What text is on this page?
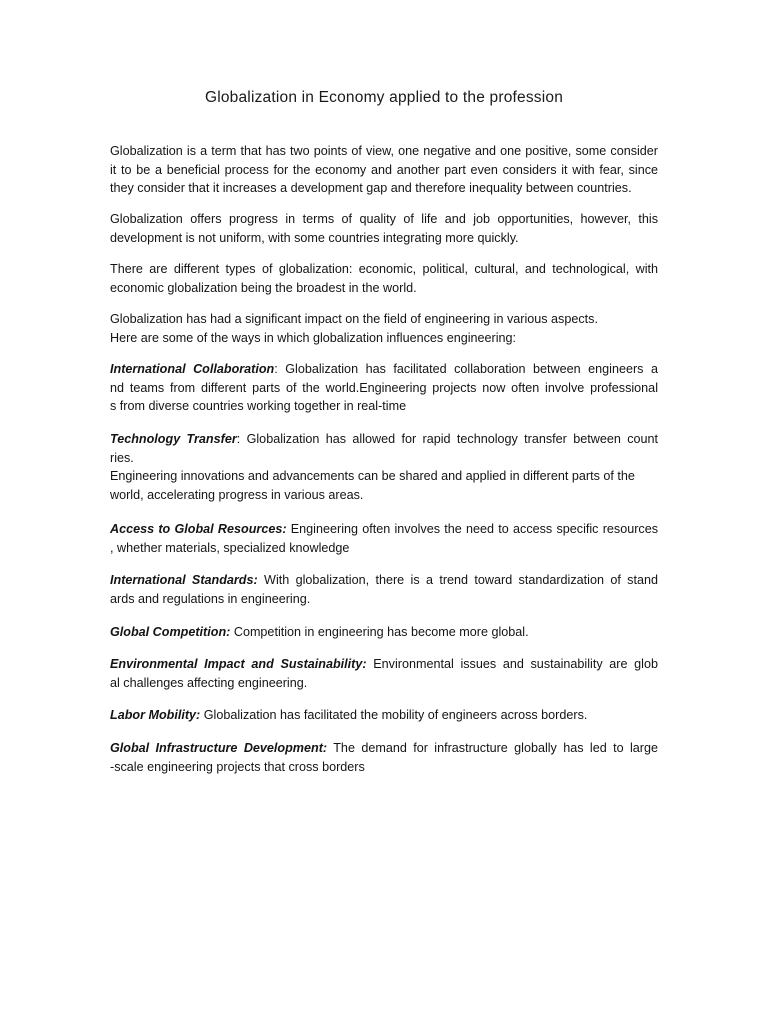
Globalization in Economy applied to the profession

Globalization is a term that has two points of view, one negative and one positive, some consider
it to be a beneficial process for the economy and another part even considers it with fear, since
they consider that it increases a development gap and therefore inequality between countries.

Globalization offers progress in terms of quality of life and job opportunities, however, this
development is not uniform, with some countries integrating more quickly.

There are different types of globalization: economic, political, cultural, and technological, with
economic globalization being the broadest in the world.

Globalization has had a significant impact on the field of engineering in various aspects.
Here are some of the ways in which globalization influences engineering:

International Collaboration: Globalization has facilitated collaboration between engineers a
nd teams from different parts of the world.Engineering projects now often involve professional
s from diverse countries working together in real-time

Technology Transfer: Globalization has allowed for rapid technology transfer between count
ries.
Engineering innovations and advancements can be shared and applied in different parts of the
world, accelerating progress in various areas.

Access to Global Resources: Engineering often involves the need to access specific resources
, whether materials, specialized knowledge

International Standards: With globalization, there is a trend toward standardization of stand
ards and regulations in engineering.

Global Competition: Competition in engineering has become more global.

Environmental Impact and Sustainability: Environmental issues and sustainability are glob
al challenges affecting engineering.

Labor Mobility: Globalization has facilitated the mobility of engineers across borders.

Global Infrastructure Development: The demand for infrastructure globally has led to large
-scale engineering projects that cross borders
